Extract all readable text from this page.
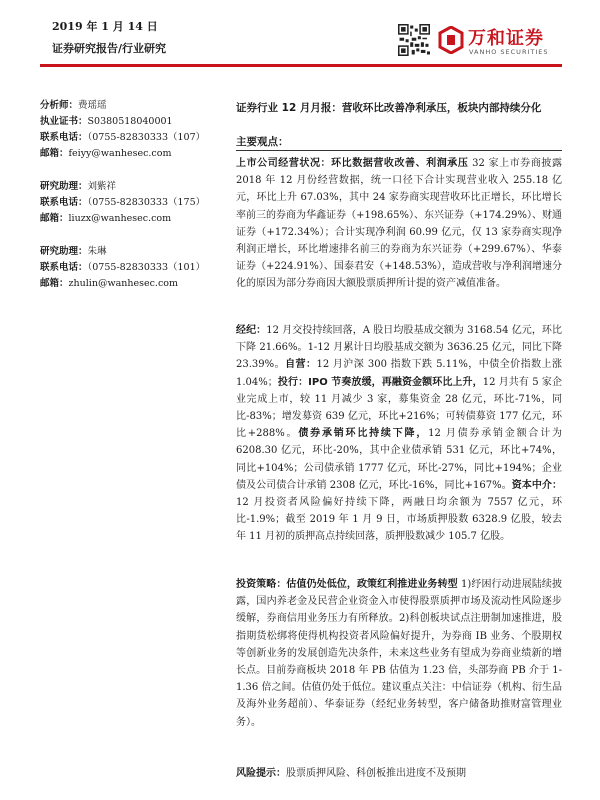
2019 年 1 月 14 日
证券研究报告/行业研究	万和证券
VANHO SECURITIES
分析师：费瑶瑶
执业证书：S0380518040001
联系电话：（0755-82830333（107）
邮箱：feiyy@wanhesec.com
研究助理：刘紫祥
联系电话：（0755-82830333（175）
邮箱：liuzx@wanhesec.com
研究助理：朱琳
联系电话：（0755-82830333（101）
邮箱：zhulin@wanhesec.com
证券行业 12 月月报：营收环比改善净利承压，板块内部持续分化
主要观点：
上市公司经营状况：环比数据营收改善、利润承压 32 家上市券商披露 2018 年 12 月份经营数据，统一口径下合计实现营业收入 255.18 亿元，环比上升 67.03%，其中 24 家券商实现营收环比正增长，环比增长率前三的券商为华鑫证券（+198.65%）、东兴证券（+174.29%）、财通证券（+172.34%）；合计实现净利润 60.99 亿元，仅 13 家券商实现净利润正增长，环比增速排名前三的券商为东兴证券（+299.67%）、华泰证券（+224.91%）、国泰君安（+148.53%），造成营收与净利润增速分化的原因为部分券商因大额股票质押所计提的资产减值准备。
经纪：12 月交投持续回落，A 股日均股基成交额为 3168.54 亿元，环比下降 21.66%。1-12 月累计日均股基成交额为 3636.25 亿元，同比下降 23.39%。自营：12 月沪深 300 指数下跌 5.11%，中债全价指数上涨 1.04%；投行：IPO 节奏放缓，再融资金额环比上升，12 月共有 5 家企业完成上市，较 11 月减少 3 家，募集资金 28 亿元，环比-71%，同比-83%；增发募资 639 亿元，环比+216%；可转债募资 177 亿元，环比+288%。债券承销环比持续下降，12 月债券承销金额合计为 6208.30 亿元，环比-20%，其中企业债承销 531 亿元，环比+74%，同比+104%；公司债承销 1777 亿元，环比-27%，同比+194%；企业债及公司债合计承销 2308 亿元，环比-16%，同比+167%。资本中介：12 月投资者风险偏好持续下降，两融日均余额为 7557 亿元，环比-1.9%；截至 2019 年 1 月 9 日，市场质押股数 6328.9 亿股，较去年 11 月初的质押高点持续回落，质押股数减少 105.7 亿股。
投资策略：估值仍处低位，政策红利推进业务转型 1)纾困行动进展陆续披露，国内养老金及民营企业资金入市使得股票质押市场及流动性风险逐步缓解，券商信用业务压力有所释放。2)科创板块试点注册制加速推进，股指期货松绑将使得机构投资者风险偏好提升，为券商 IB 业务、个股期权等创新业务的发展创造先决条件，未来这些业务有望成为券商业绩新的增长点。目前券商板块 2018 年 PB 估值为 1.23 倍，头部券商 PB 介于 1-1.36 倍之间。估值仍处于低位。建议重点关注：中信证券（机构、衍生品及海外业务超前）、华泰证券（经纪业务转型，客户储备助推财富管理业务）。
风险提示：股票质押风险、科创板推出进度不及预期
